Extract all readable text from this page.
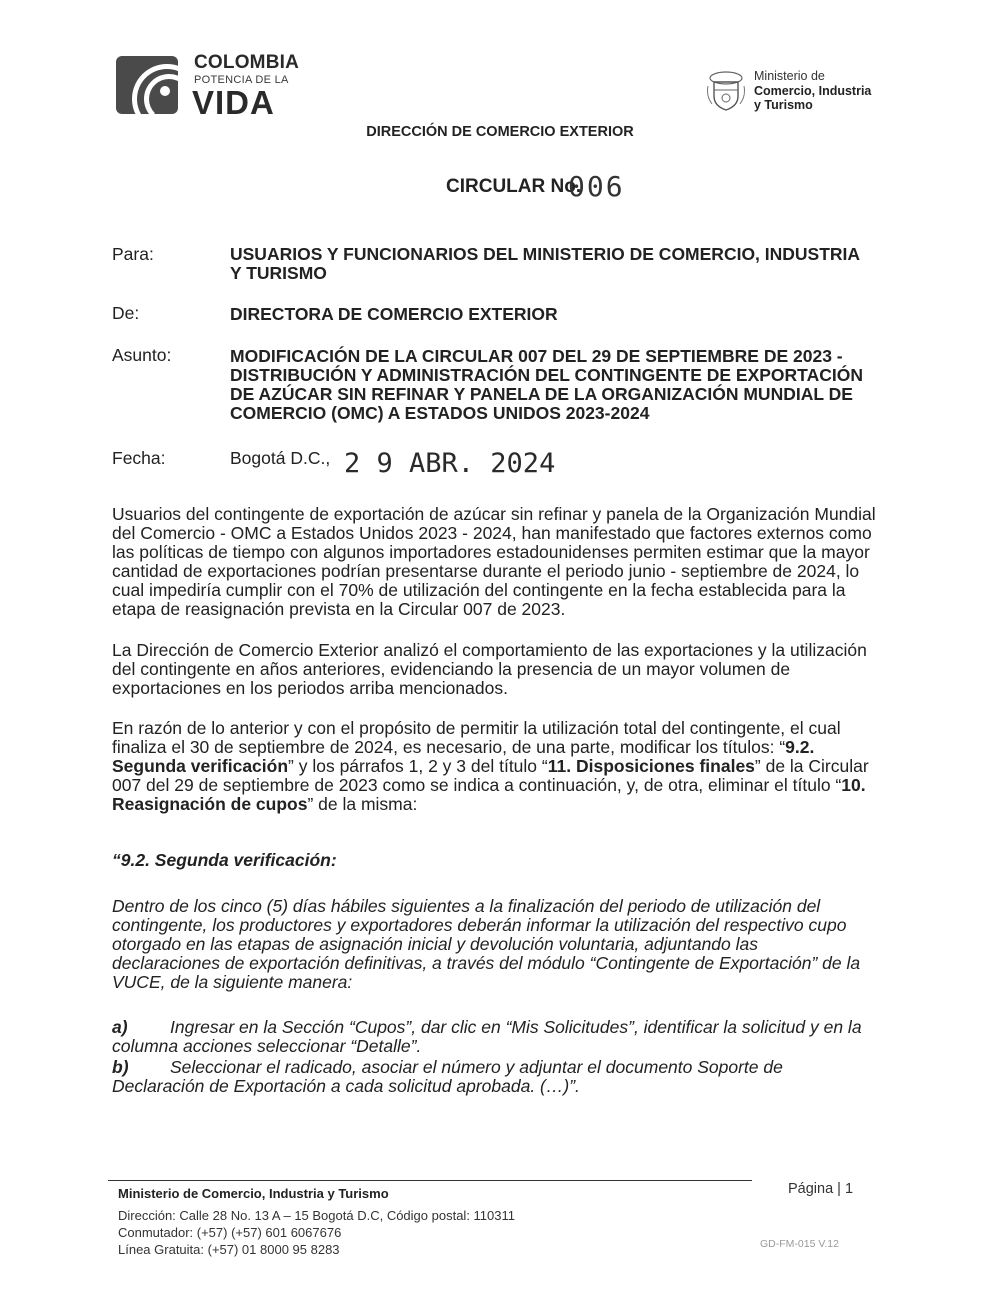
COLOMBIA
POTENCIA DE LA
VIDA
Ministerio de
Comercio, Industria
y Turismo
DIRECCIÓN DE COMERCIO EXTERIOR
CIRCULAR No.
006
Para:	USUARIOS Y FUNCIONARIOS DEL MINISTERIO DE COMERCIO, INDUSTRIA
Y TURISMO
De:	DIRECTORA DE COMERCIO EXTERIOR
Asunto:	MODIFICACIÓN DE LA CIRCULAR 007 DEL 29 DE SEPTIEMBRE DE 2023 -
DISTRIBUCIÓN Y ADMINISTRACIÓN DEL CONTINGENTE DE EXPORTACIÓN
DE AZÚCAR SIN REFINAR Y PANELA DE LA ORGANIZACIÓN MUNDIAL DE
COMERCIO (OMC) A ESTADOS UNIDOS 2023-2024
Fecha:	Bogotá D.C., 2 9 ABR. 2024
Usuarios del contingente de exportación de azúcar sin refinar y panela de la Organización Mundial
del Comercio - OMC a Estados Unidos 2023 - 2024, han manifestado que factores externos como
las políticas de tiempo con algunos importadores estadounidenses permiten estimar que la mayor
cantidad de exportaciones podrían presentarse durante el periodo junio - septiembre de 2024, lo
cual impediría cumplir con el 70% de utilización del contingente en la fecha establecida para la
etapa de reasignación prevista en la Circular 007 de 2023.
La Dirección de Comercio Exterior analizó el comportamiento de las exportaciones y la utilización
del contingente en años anteriores, evidenciando la presencia de un mayor volumen de
exportaciones en los periodos arriba mencionados.
En razón de lo anterior y con el propósito de permitir la utilización total del contingente, el cual
finaliza el 30 de septiembre de 2024, es necesario, de una parte, modificar los títulos: “9.2.
Segunda verificación” y los párrafos 1, 2 y 3 del título “11. Disposiciones finales” de la Circular
007 del 29 de septiembre de 2023 como se indica a continuación, y, de otra, eliminar el título “10.
Reasignación de cupos” de la misma:
“9.2. Segunda verificación:
Dentro de los cinco (5) días hábiles siguientes a la finalización del periodo de utilización del
contingente, los productores y exportadores deberán informar la utilización del respectivo cupo
otorgado en las etapas de asignación inicial y devolución voluntaria, adjuntando las
declaraciones de exportación definitivas, a través del módulo “Contingente de Exportación” de la
VUCE, de la siguiente manera:
a) Ingresar en la Sección “Cupos”, dar clic en “Mis Solicitudes”, identificar la solicitud y en la
columna acciones seleccionar “Detalle”.
b) Seleccionar el radicado, asociar el número y adjuntar el documento Soporte de
Declaración de Exportación a cada solicitud aprobada. (…)”.
Ministerio de Comercio, Industria y Turismo
Dirección: Calle 28 No. 13 A – 15 Bogotá D.C, Código postal: 110311
Conmutador: (+57) (+57) 601 6067676
Línea Gratuita: (+57) 01 8000 95 8283
Página | 1
GD-FM-015 V.12
